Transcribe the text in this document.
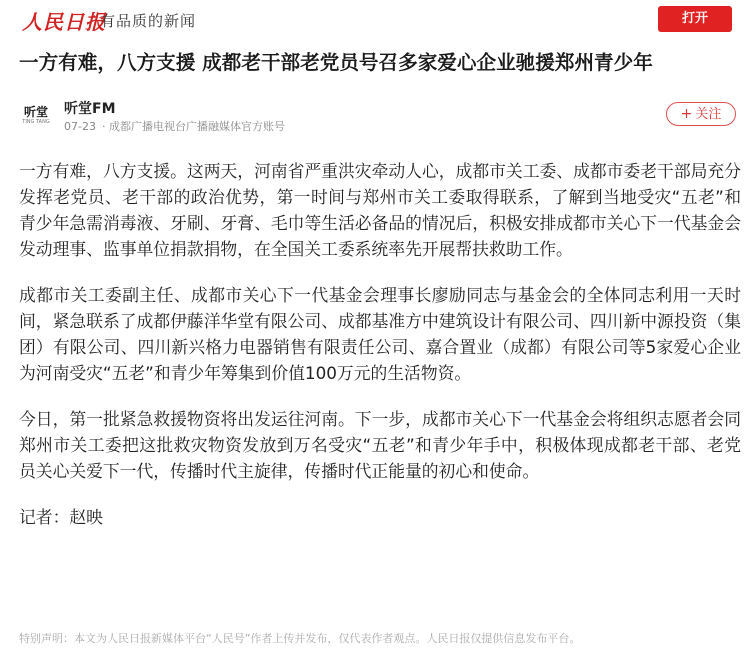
人民日报
有品质的新闻	打开
一方有难，八方支援 成都老干部老党员号召多家爱心企业驰援郑州青少年
听堂
TING TANG
听堂FM
07-23 · 成都广播电视台广播融媒体官方账号
+ 关注

一方有难，八方支援。这两天，河南省严重洪灾牵动人心，成都市关工委、成都市委老干部局充分发挥老党员、老干部的政治优势，第一时间与郑州市关工委取得联系，了解到当地受灾“五老”和青少年急需消毒液、牙刷、牙膏、毛巾等生活必备品的情况后，积极安排成都市关心下一代基金会发动理事、监事单位捐款捐物，在全国关工委系统率先开展帮扶救助工作。

成都市关工委副主任、成都市关心下一代基金会理事长廖励同志与基金会的全体同志利用一天时间，紧急联系了成都伊藤洋华堂有限公司、成都基准方中建筑设计有限公司、四川新中源投资（集团）有限公司、四川新兴格力电器销售有限责任公司、嘉合置业（成都）有限公司等5家爱心企业为河南受灾“五老”和青少年筹集到价值100万元的生活物资。

今日，第一批紧急救援物资将出发运往河南。下一步，成都市关心下一代基金会将组织志愿者会同郑州市关工委把这批救灾物资发放到万名受灾“五老”和青少年手中，积极体现成都老干部、老党员关心关爱下一代，传播时代主旋律，传播时代正能量的初心和使命。

记者：赵映

特别声明：本文为人民日报新媒体平台“人民号”作者上传并发布，仅代表作者观点。人民日报仅提供信息发布平台。
